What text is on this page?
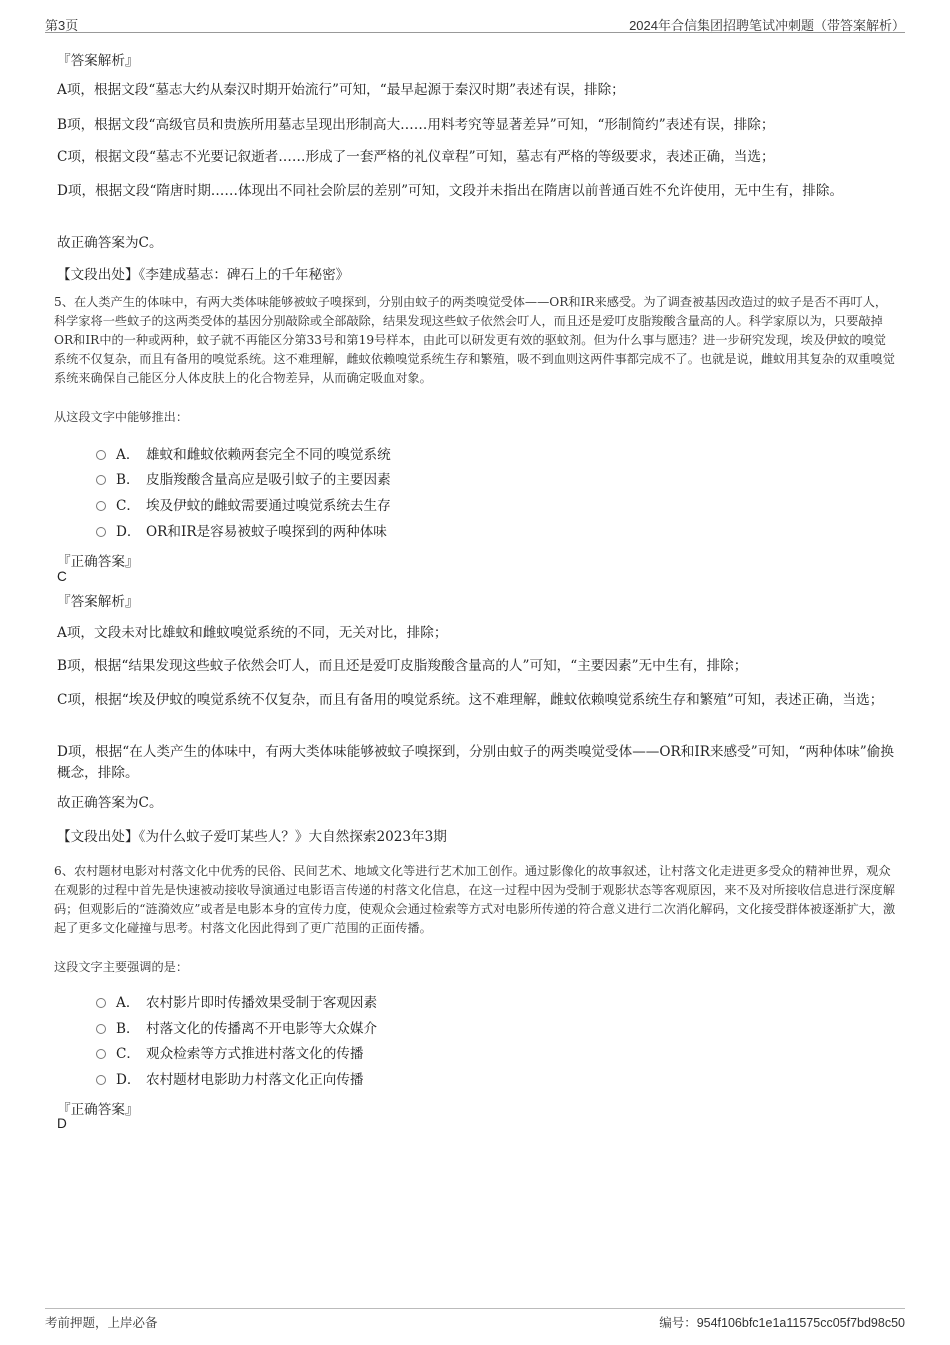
第3页	2024年合信集团招聘笔试冲刺题（带答案解析）
『答案解析』
A项，根据文段“墓志大约从秦汉时期开始流行”可知，“最早起源于秦汉时期”表述有误，排除；
B项，根据文段“高级官员和贵族所用墓志呈现出形制高大……用料考究等显著差异”可知，“形制简约”表述有误，排除；
C项，根据文段“墓志不光要记叙逝者……形成了一套严格的礼仪章程”可知，墓志有严格的等级要求，表述正确，当选；
D项，根据文段“隋唐时期……体现出不同社会阶层的差别”可知，文段并未指出在隋唐以前普通百姓不允许使用，无中生有，排除。
故正确答案为C。
【文段出处】《李建成墓志：碑石上的千年秘密》
5、在人类产生的体味中，有两大类体味能够被蚊子嗅探到，分别由蚊子的两类嗅觉受体——OR和IR来感受。为了调查被基因改造过的蚊子是否不再叮人，科学家将一些蚊子的这两类受体的基因分别敲除或全部敲除，结果发现这些蚊子依然会叮人，而且还是爱叮皮脂羧酸含量高的人。科学家原以为，只要敲掉OR和IR中的一种或两种，蚊子就不再能区分第33号和第19号样本，由此可以研发更有效的驱蚊剂。但为什么事与愿违？进一步研究发现，埃及伊蚊的嗅觉系统不仅复杂，而且有备用的嗅觉系统。这不难理解，雌蚊依赖嗅觉系统生存和繁殖，吸不到血则这两件事都完成不了。也就是说，雌蚊用其复杂的双重嗅觉系统来确保自己能区分人体皮肤上的化合物差异，从而确定吸血对象。
从这段文字中能够推出：
A． 雄蚊和雌蚊依赖两套完全不同的嗅觉系统
B． 皮脂羧酸含量高应是吸引蚊子的主要因素
C． 埃及伊蚊的雌蚊需要通过嗅觉系统去生存
D． OR和IR是容易被蚊子嗅探到的两种体味
『正确答案』
C
『答案解析』
A项，文段未对比雄蚊和雌蚊嗅觉系统的不同，无关对比，排除；
B项，根据“结果发现这些蚊子依然会叮人，而且还是爱叮皮脂羧酸含量高的人”可知，“主要因素”无中生有，排除；
C项，根据“埃及伊蚊的嗅觉系统不仅复杂，而且有备用的嗅觉系统。这不难理解，雌蚊依赖嗅觉系统生存和繁殖”可知，表述正确，当选；
D项，根据“在人类产生的体味中，有两大类体味能够被蚊子嗅探到，分别由蚊子的两类嗅觉受体——OR和IR来感受”可知，“两种体味”偷换概念，排除。
故正确答案为C。
【文段出处】《为什么蚊子爱叮某些人？》大自然探索2023年3期
6、农村题材电影对村落文化中优秀的民俗、民间艺术、地域文化等进行艺术加工创作。通过影像化的故事叙述，让村落文化走进更多受众的精神世界，观众在观影的过程中首先是快速被动接收导演通过电影语言传递的村落文化信息，在这一过程中因为受制于观影状态等客观原因，来不及对所接收信息进行深度解码；但观影后的“涟漪效应”或者是电影本身的宣传力度，使观众会通过检索等方式对电影所传递的符合意义进行二次消化解码，文化接受群体被逐渐扩大，激起了更多文化碰撞与思考。村落文化因此得到了更广范围的正面传播。
这段文字主要强调的是：
A． 农村影片即时传播效果受制于客观因素
B． 村落文化的传播离不开电影等大众媒介
C． 观众检索等方式推进村落文化的传播
D． 农村题材电影助力村落文化正向传播
『正确答案』
D
考前押题，上岸必备	编号：954f106bfc1e1a11575cc05f7bd98c50
